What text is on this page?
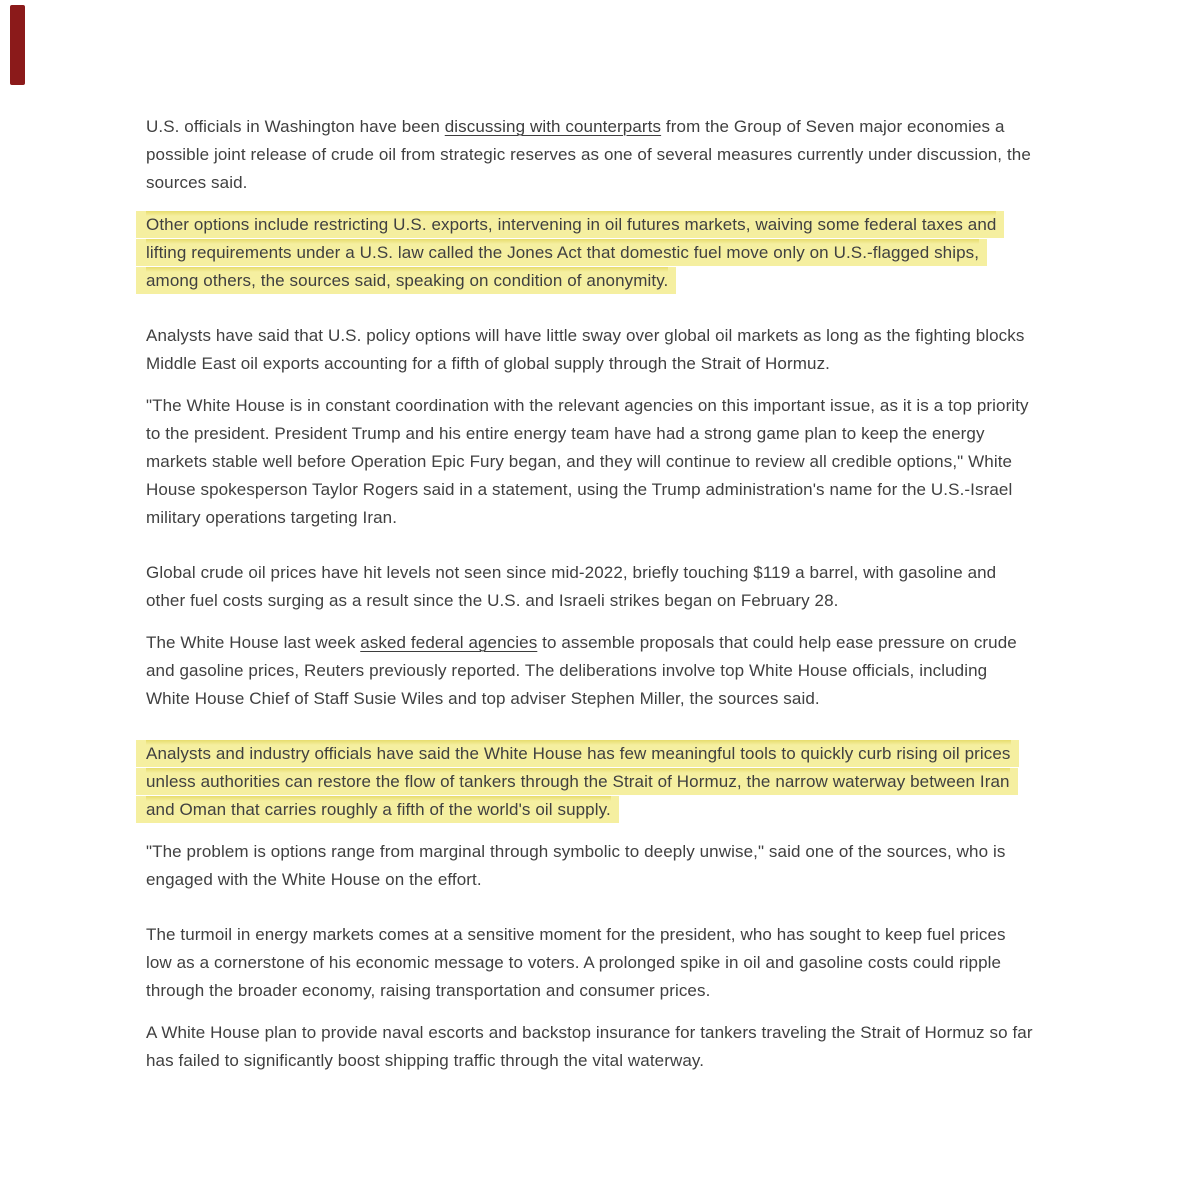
U.S. officials in Washington have been discussing with counterparts from the Group of Seven major economies a possible joint release of crude oil from strategic reserves as one of several measures currently under discussion, the sources said.

Other options include restricting U.S. exports, intervening in oil futures markets, waiving some federal taxes and lifting requirements under a U.S. law called the Jones Act that domestic fuel move only on U.S.-flagged ships, among others, the sources said, speaking on condition of anonymity.

Analysts have said that U.S. policy options will have little sway over global oil markets as long as the fighting blocks Middle East oil exports accounting for a fifth of global supply through the Strait of Hormuz.

"The White House is in constant coordination with the relevant agencies on this important issue, as it is a top priority to the president. President Trump and his entire energy team have had a strong game plan to keep the energy markets stable well before Operation Epic Fury began, and they will continue to review all credible options," White House spokesperson Taylor Rogers said in a statement, using the Trump administration's name for the U.S.-Israel military operations targeting Iran.

Global crude oil prices have hit levels not seen since mid-2022, briefly touching $119 a barrel, with gasoline and other fuel costs surging as a result since the U.S. and Israeli strikes began on February 28.

The White House last week asked federal agencies to assemble proposals that could help ease pressure on crude and gasoline prices, Reuters previously reported. The deliberations involve top White House officials, including White House Chief of Staff Susie Wiles and top adviser Stephen Miller, the sources said.

Analysts and industry officials have said the White House has few meaningful tools to quickly curb rising oil prices unless authorities can restore the flow of tankers through the Strait of Hormuz, the narrow waterway between Iran and Oman that carries roughly a fifth of the world's oil supply.

"The problem is options range from marginal through symbolic to deeply unwise," said one of the sources, who is engaged with the White House on the effort.

The turmoil in energy markets comes at a sensitive moment for the president, who has sought to keep fuel prices low as a cornerstone of his economic message to voters. A prolonged spike in oil and gasoline costs could ripple through the broader economy, raising transportation and consumer prices.

A White House plan to provide naval escorts and backstop insurance for tankers traveling the Strait of Hormuz so far has failed to significantly boost shipping traffic through the vital waterway.
